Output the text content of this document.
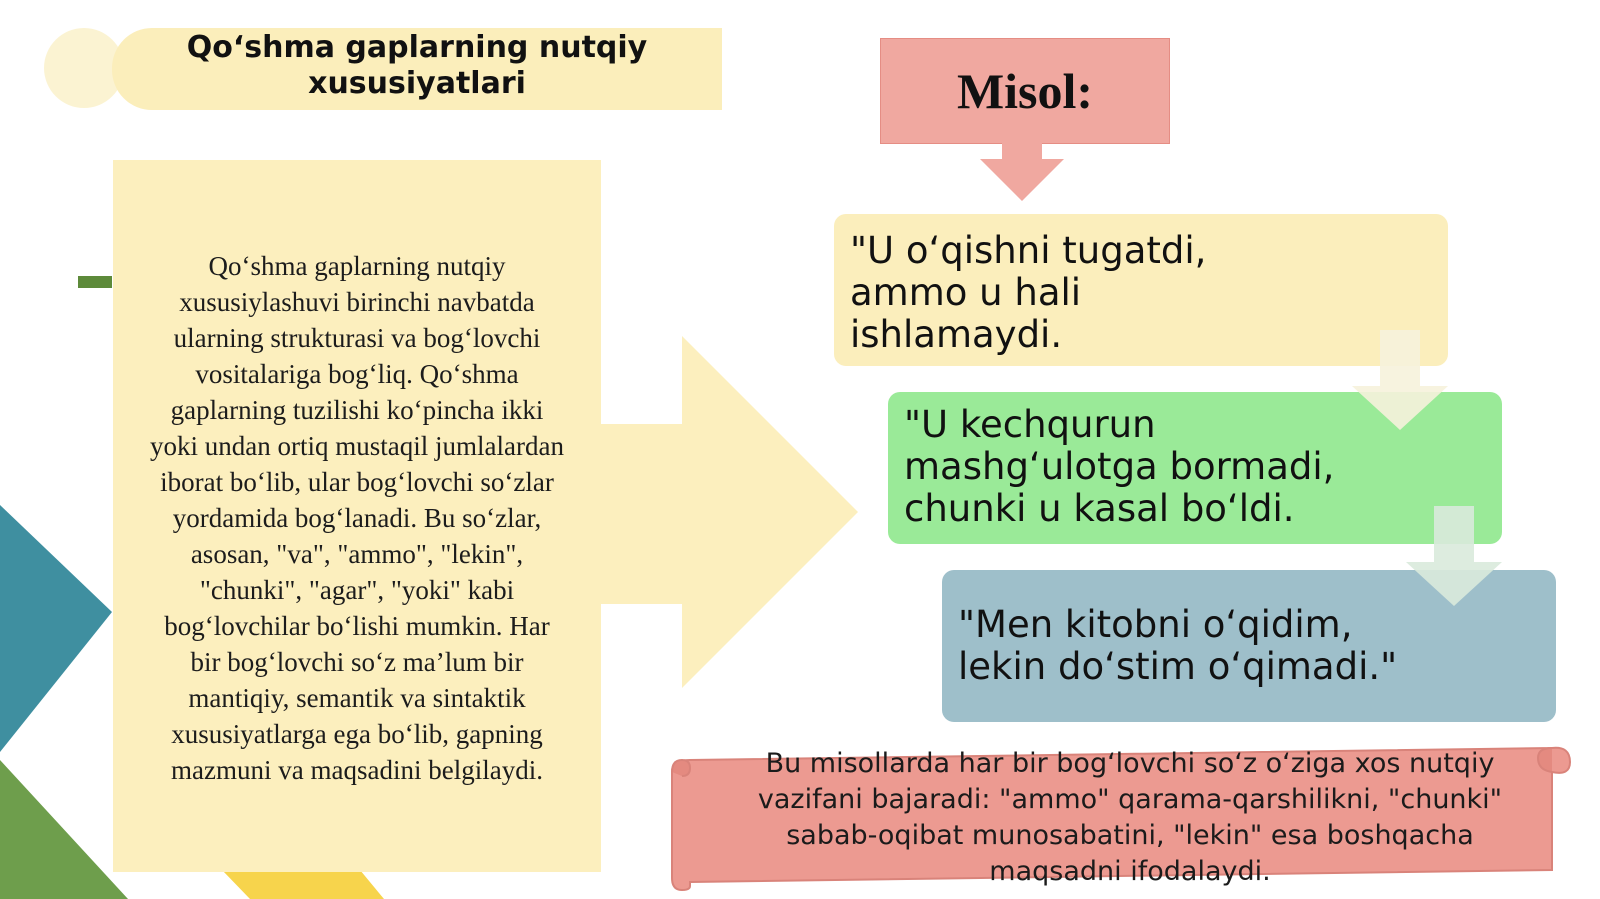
Qo‘shma gaplarning nutqiy
xususiyatlari
Qo‘shma gaplarning nutqiy
xususiylashuvi birinchi navbatda
ularning strukturasi va bog‘lovchi
vositalariga bog‘liq. Qo‘shma
gaplarning tuzilishi ko‘pincha ikki
yoki undan ortiq mustaqil jumlalardan
iborat bo‘lib, ular bog‘lovchi so‘zlar
yordamida bog‘lanadi. Bu so‘zlar,
asosan, "va", "ammo", "lekin",
"chunki", "agar", "yoki" kabi
bog‘lovchilar bo‘lishi mumkin. Har
bir bog‘lovchi so‘z ma’lum bir
mantiqiy, semantik va sintaktik
xususiyatlarga ega bo‘lib, gapning
mazmuni va maqsadini belgilaydi.
Misol:
"U o‘qishni tugatdi,
ammo u hali
ishlamaydi.
"U kechqurun
mashg‘ulotga bormadi,
chunki u kasal bo‘ldi.
"Men kitobni o‘qidim,
lekin do‘stim o‘qimadi."
Bu misollarda har bir bog‘lovchi so‘z o‘ziga xos nutqiy
vazifani bajaradi: "ammo" qarama-qarshilikni, "chunki"
sabab-oqibat munosabatini, "lekin" esa boshqacha
maqsadni ifodalaydi.
